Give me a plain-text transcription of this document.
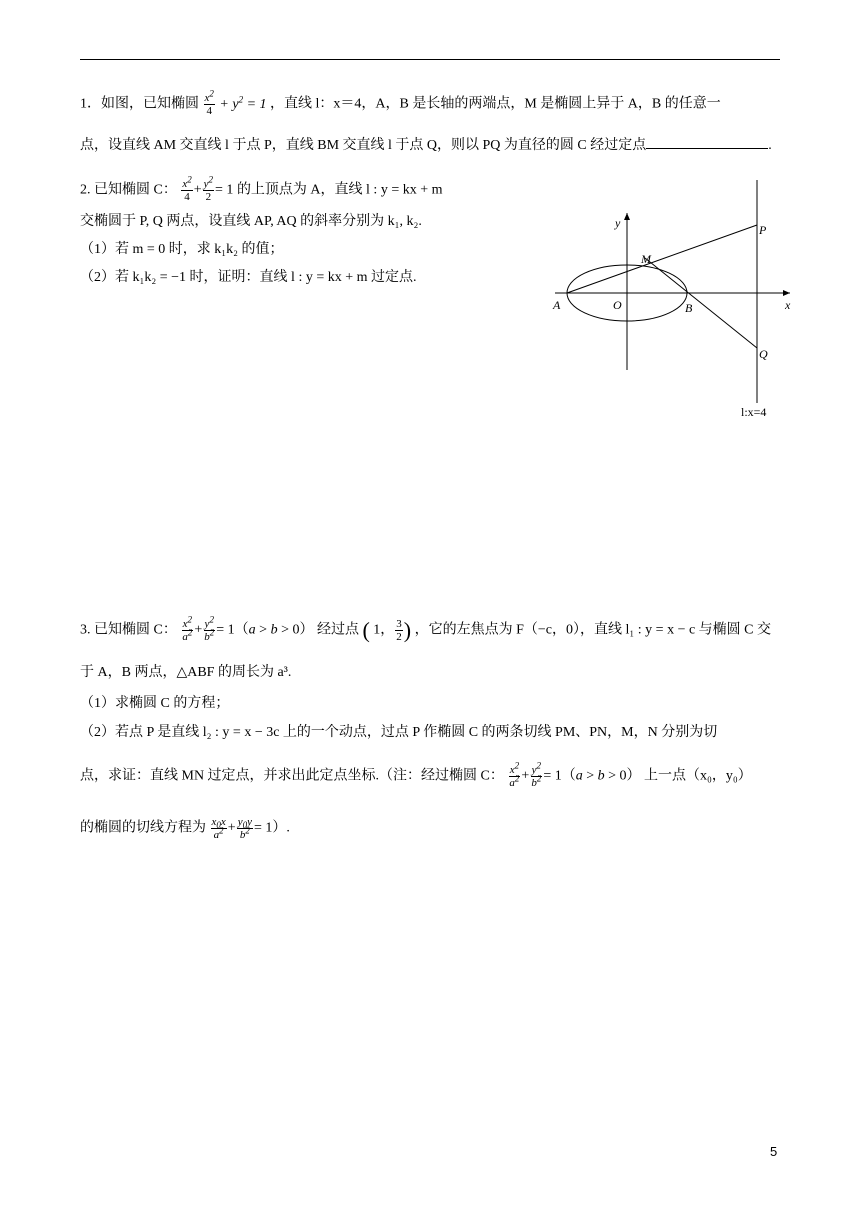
1．如图，已知椭圆 $\frac{x^2}{4} + y^2 = 1$ ，直线 l：x＝4，A，B 是长轴的两端点，M 是椭圆上异于 A，B 的任意一
点，设直线 AM 交直线 l 于点 P，直线 BM 交直线 l 于点 Q，则以 PQ 为直径的圆 C 经过定点	.
2. 已知椭圆 C： $\frac{x^2}{4} + \frac{y^2}{2} = 1$ 的上顶点为 A，直线 l : y = kx + m
交椭圆于 P, Q 两点，设直线 AP, AQ 的斜率分别为 k₁, k₂.
（1）若 m = 0 时，求 k₁k₂ 的值；
（2）若 k₁k₂ = −1 时，证明：直线 l : y = kx + m 过定点.
y
x
A	O	B
M
P
Q
l:x=4
3. 已知椭圆 C： $\frac{x^2}{a^2} + \frac{y^2}{b^2} = 1(a > b > 0)$ 经过点 ( 1， $\frac{3}{2}$ ) ，它的左焦点为 F（−c，0），直线 l₁ : y = x − c 与椭圆 C 交
于 A，B 两点，△ABF 的周长为 a³.
（1）求椭圆 C 的方程；
（2）若点 P 是直线 l₂ : y = x − 3c 上的一个动点，过点 P 作椭圆 C 的两条切线 PM、PN，M，N 分别为切
点，求证：直线 MN 过定点，并求出此定点坐标.（注：经过椭圆 C： $\frac{x^2}{a^2} + \frac{y^2}{b^2} = 1(a > b > 0)$ 上一点（x₀，y₀）
的椭圆的切线方程为 $\frac{x_0x}{a^2} + \frac{y_0y}{b^2} = 1$）.
5
